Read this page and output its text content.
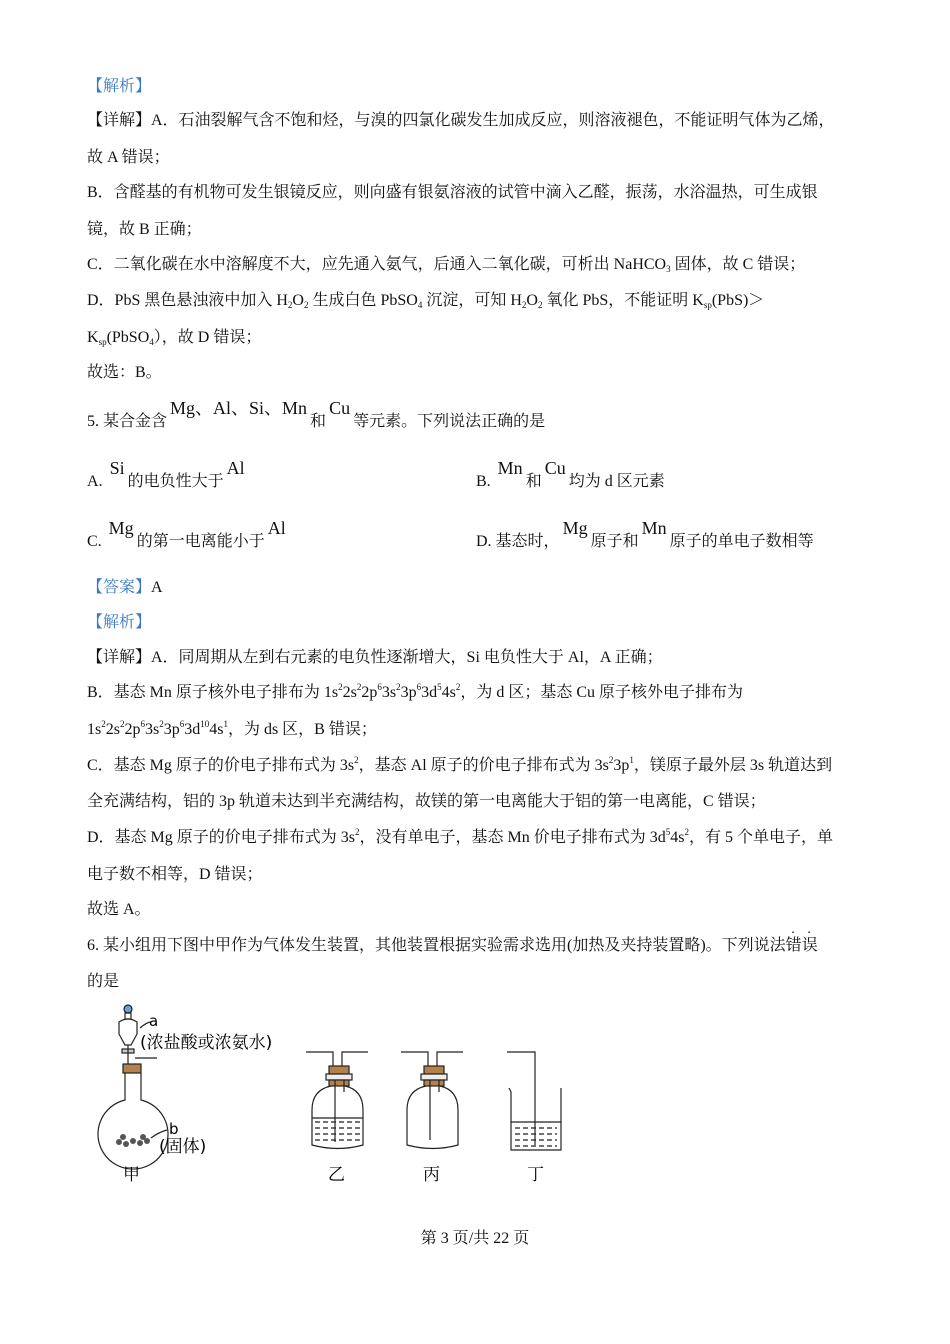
【解析】
【详解】A．石油裂解气含不饱和烃，与溴的四氯化碳发生加成反应，则溶液褪色，不能证明气体为乙烯，
故 A 错误；
B．含醛基的有机物可发生银镜反应，则向盛有银氨溶液的试管中滴入乙醛，振荡，水浴温热，可生成银
镜，故 B 正确；
C．二氧化碳在水中溶解度不大，应先通入氨气，后通入二氧化碳，可析出 NaHCO$_3$ 固体，故 C 错误；
D．PbS 黑色悬浊液中加入 $H_2O_2$ 生成白色 PbSO$_4$ 沉淀，可知 $H_2O_2$ 氧化 PbS，不能证明 $K_{sp}(PbS)>$
$K_{sp}(PbSO_4)$，故 D 错误；
故选：B。
5. 某合金含Mg、Al、Si、Mn和Cu等元素。下列说法正确的是
A. Si的电负性大于Al
B. Mn和Cu均为 d 区元素
C. Mg的第一电离能小于Al
D. 基态时，Mg原子和Mn原子的单电子数相等
【答案】A
【解析】
【详解】A．同周期从左到右元素的电负性逐渐增大，Si 电负性大于 Al，A 正确；
B．基态 Mn 原子核外电子排布为 $1s^22s^22p^63s^23p^63d^54s^2$，为 d 区；基态 Cu 原子核外电子排布为
$1s^22s^22p^63s^23p^63d^{10}4s^1$，为 ds 区，B 错误；
C．基态 Mg 原子的价电子排布式为 $3s^2$，基态 Al 原子的价电子排布式为 $3s^23p^1$，镁原子最外层 3s 轨道达到
全充满结构，铝的 3p 轨道未达到半充满结构，故镁的第一电离能大于铝的第一电离能，C 错误；
D．基态 Mg 原子的价电子排布式为 $3s^2$，没有单电子，基态 Mn 价电子排布式为 $3d^54s^2$，有 5 个单电子，单
电子数不相等，D 错误；
故选 A。
6. 某小组用下图中甲作为气体发生装置，其他装置根据实验需求选用(加热及夹持装置略)。下列说法错误
的是
a
(浓盐酸或浓氨水)
b
(固体)
甲	乙	丙	丁
第 3 页/共 22 页
